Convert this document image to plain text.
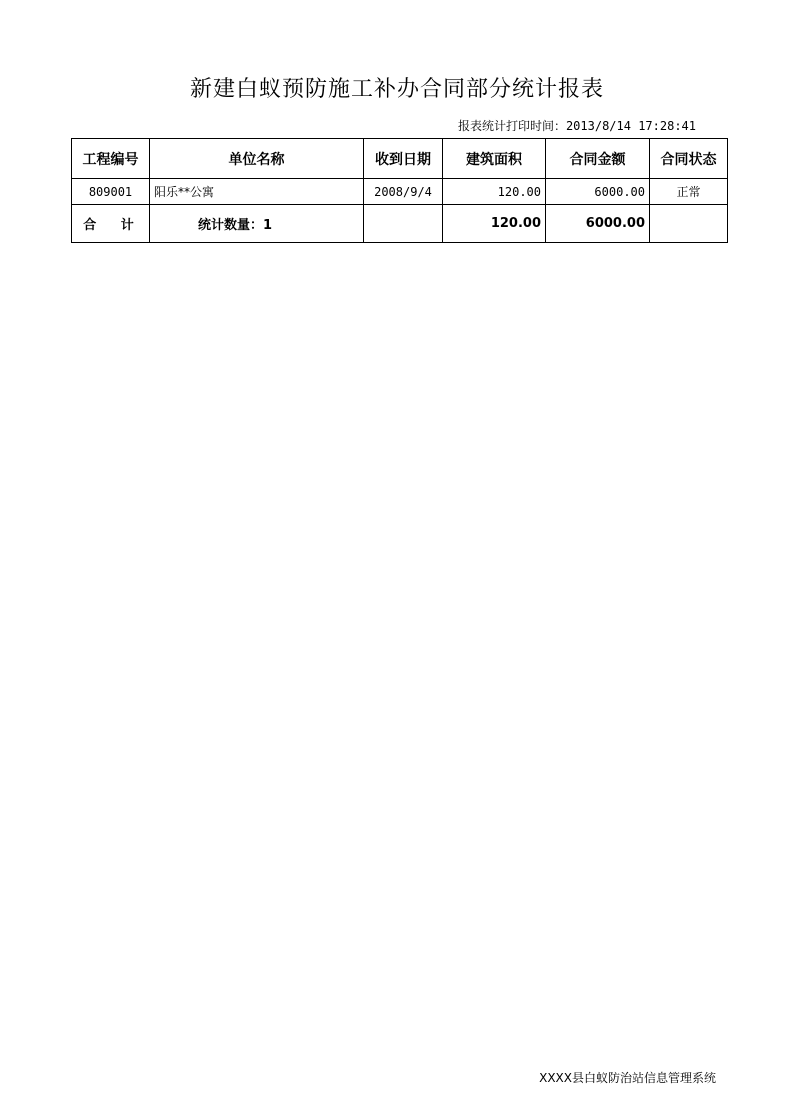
新建白蚁预防施工补办合同部分统计报表
报表统计打印时间：2013/8/14 17:28:41
工程编号	单位名称	收到日期	建筑面积	合同金额	合同状态
809001	阳乐**公寓	2008/9/4	120.00	6000.00	正常
合 计	统计数量：1		120.00	6000.00	
XXXX县白蚁防治站信息管理系统
